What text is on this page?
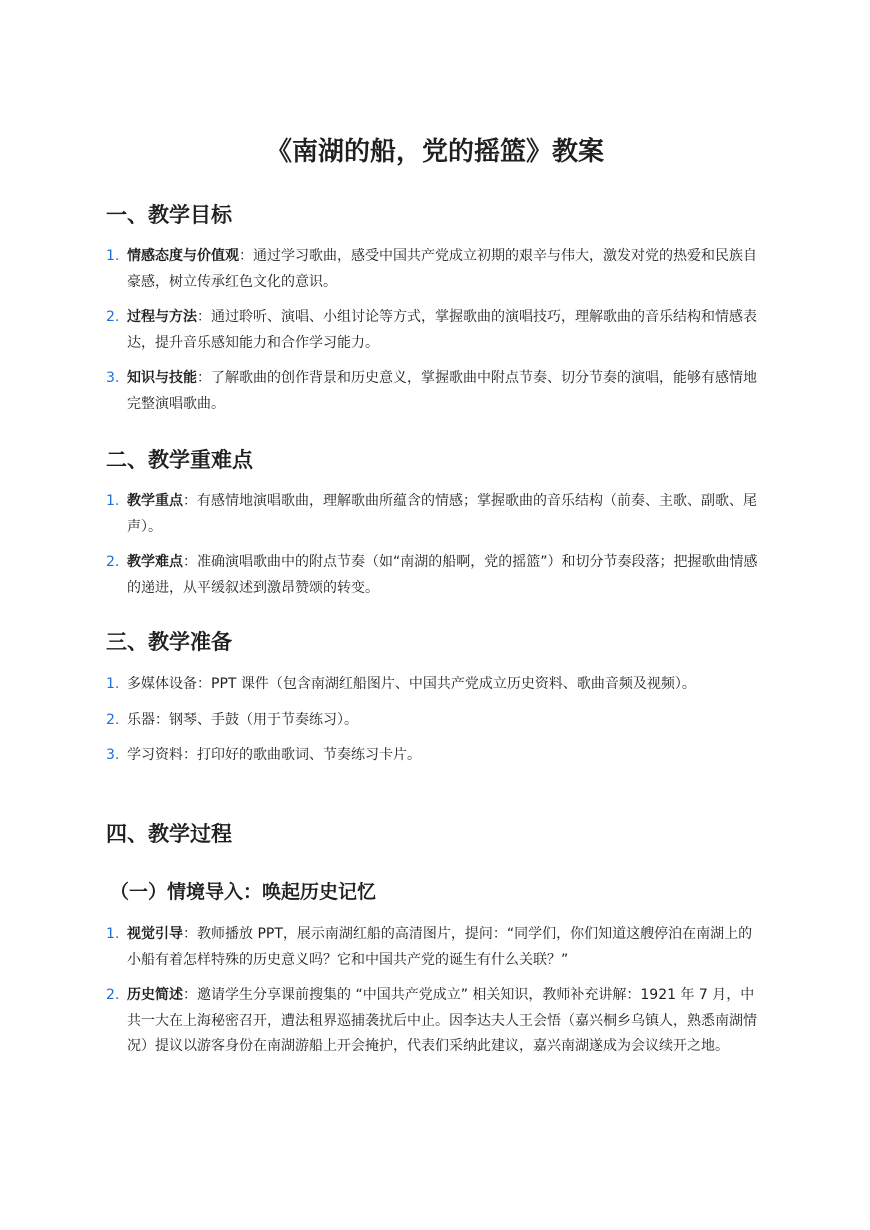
《南湖的船，党的摇篮》教案
一、教学目标
1. 情感态度与价值观：通过学习歌曲，感受中国共产党成立初期的艰辛与伟大，激发对党的热爱和民族自豪感，树立传承红色文化的意识。
2. 过程与方法：通过聆听、演唱、小组讨论等方式，掌握歌曲的演唱技巧，理解歌曲的音乐结构和情感表达，提升音乐感知能力和合作学习能力。
3. 知识与技能：了解歌曲的创作背景和历史意义，掌握歌曲中附点节奏、切分节奏的演唱，能够有感情地完整演唱歌曲。
二、教学重难点
1. 教学重点：有感情地演唱歌曲，理解歌曲所蕴含的情感；掌握歌曲的音乐结构（前奏、主歌、副歌、尾声）。
2. 教学难点：准确演唱歌曲中的附点节奏（如“南湖的船啊，党的摇篮”）和切分节奏段落；把握歌曲情感的递进，从平缓叙述到激昂赞颂的转变。
三、教学准备
1. 多媒体设备：PPT 课件（包含南湖红船图片、中国共产党成立历史资料、歌曲音频及视频）。
2. 乐器：钢琴、手鼓（用于节奏练习）。
3. 学习资料：打印好的歌曲歌词、节奏练习卡片。
四、教学过程
（一）情境导入：唤起历史记忆
1. 视觉引导：教师播放 PPT，展示南湖红船的高清图片，提问：“同学们，你们知道这艘停泊在南湖上的小船有着怎样特殊的历史意义吗？它和中国共产党的诞生有什么关联？”
2. 历史简述：邀请学生分享课前搜集的 “中国共产党成立” 相关知识，教师补充讲解：1921 年 7 月，中共一大在上海秘密召开，遭法租界巡捕袭扰后中止。因李达夫人王会悟（嘉兴桐乡乌镇人，熟悉南湖情况）提议以游客身份在南湖游船上开会掩护，代表们采纳此建议，嘉兴南湖遂成为会议续开之地。
